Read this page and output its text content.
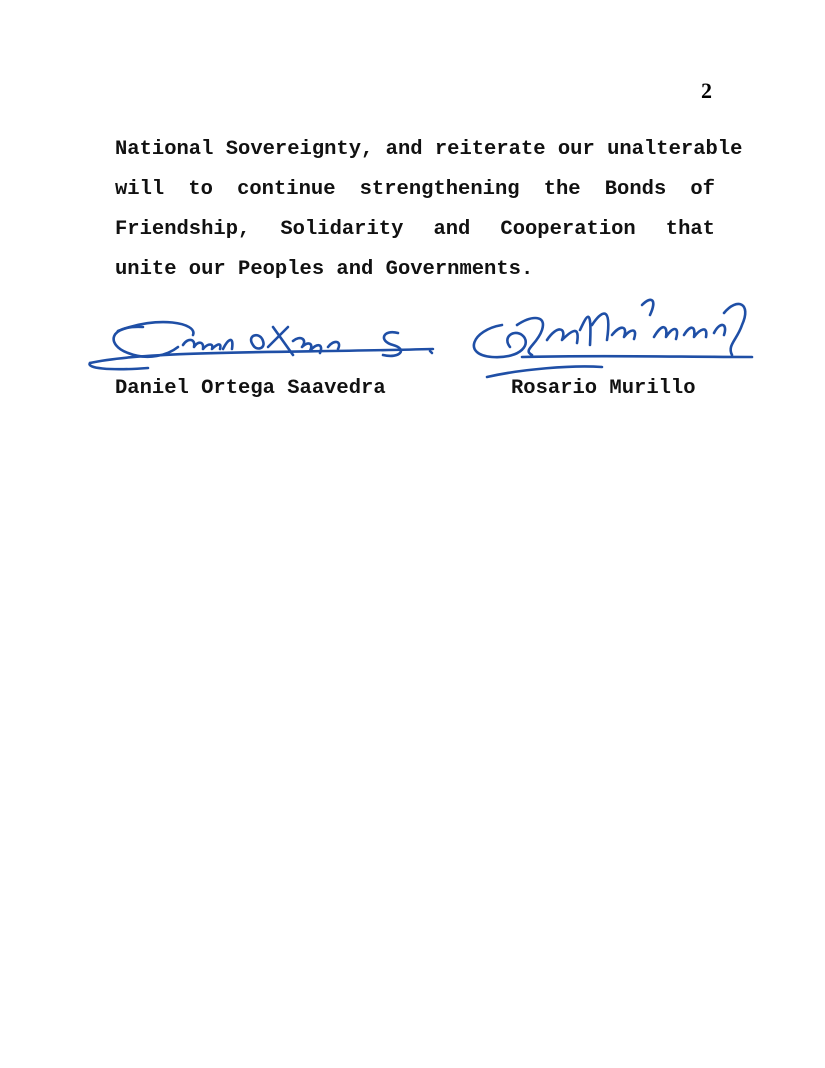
2
National Sovereignty, and reiterate our unalterable
will to continue strengthening the Bonds of
Friendship, Solidarity and Cooperation that
unite our Peoples and Governments.
Daniel Ortega Saavedra	Rosario Murillo
